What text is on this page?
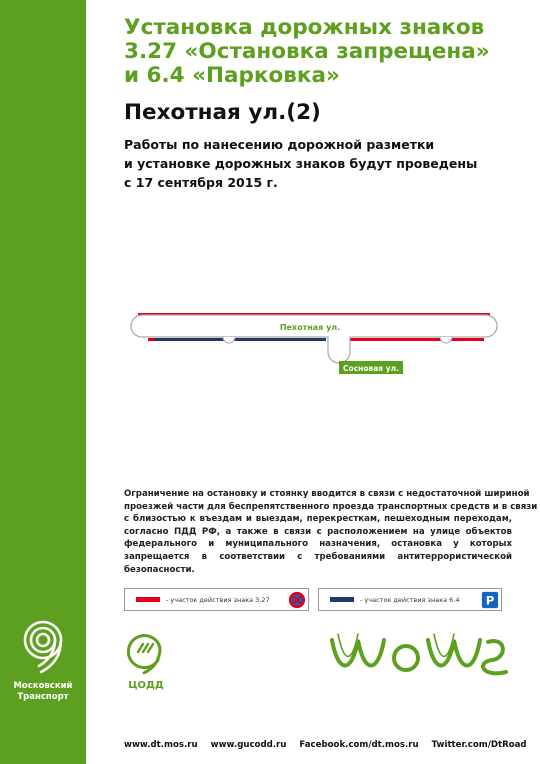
Московский
Транспорт
Установка дорожных знаков
3.27 «Остановка запрещена»
и 6.4 «Парковка»
Пехотная ул.(2)
Работы по нанесению дорожной разметки
и установке дорожных знаков будут проведены
с 17 сентября 2015 г.
Пехотная ул.
Сосновая ул.
Ограничение на остановку и стоянку вводится в связи с недостаточной шириной
проезжей части для беспрепятственного проезда транспортных средств и в связи
с близостью к въездам и выездам, перекресткам, пешеходным переходам,
согласно ПДД РФ, а также в связи с расположением на улице объектов
федерального и муниципального назначения, остановка у которых
запрещается в соответствии с требованиями антитеррористической
безопасности.
- участок действия знака 3.27	- участок действия знака 6.4	P
ЦОДД
www.dt.mos.ru www.gucodd.ru Facebook.com/dt.mos.ru Twitter.com/DtRoad
